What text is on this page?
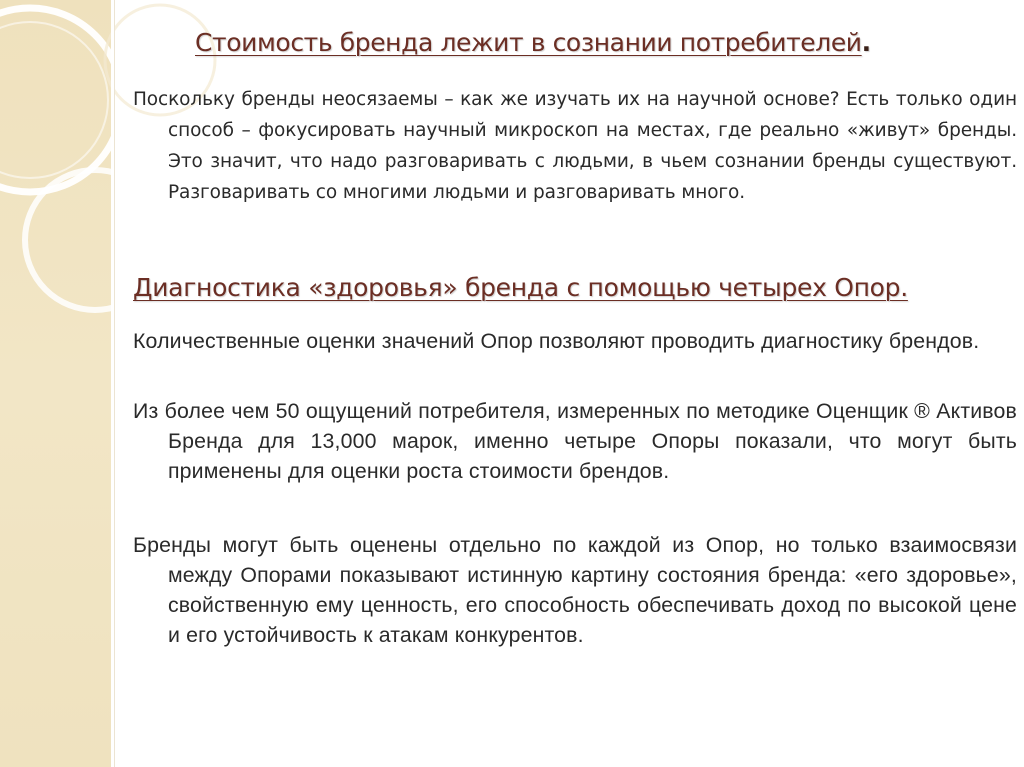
Стоимость бренда лежит в сознании потребителей.

Поскольку бренды неосязаемы – как же изучать их на научной основе? Есть только один способ – фокусировать научный микроскоп на местах, где реально «живут» бренды. Это значит, что надо разговаривать с людьми, в чьем сознании бренды существуют. Разговаривать со многими людьми и разговаривать много.

Диагностика «здоровья» бренда с помощью четырех Опор.

Количественные оценки значений Опор позволяют проводить диагностику брендов.

Из более чем 50 ощущений потребителя, измеренных по методике Оценщик ® Активов Бренда для 13,000 марок, именно четыре Опоры показали, что могут быть применены для оценки роста стоимости брендов.

Бренды могут быть оценены отдельно по каждой из Опор, но только взаимосвязи между Опорами показывают истинную картину состояния бренда: «его здоровье», свойственную ему ценность, его способность обеспечивать доход по высокой цене и его устойчивость к атакам конкурентов.
